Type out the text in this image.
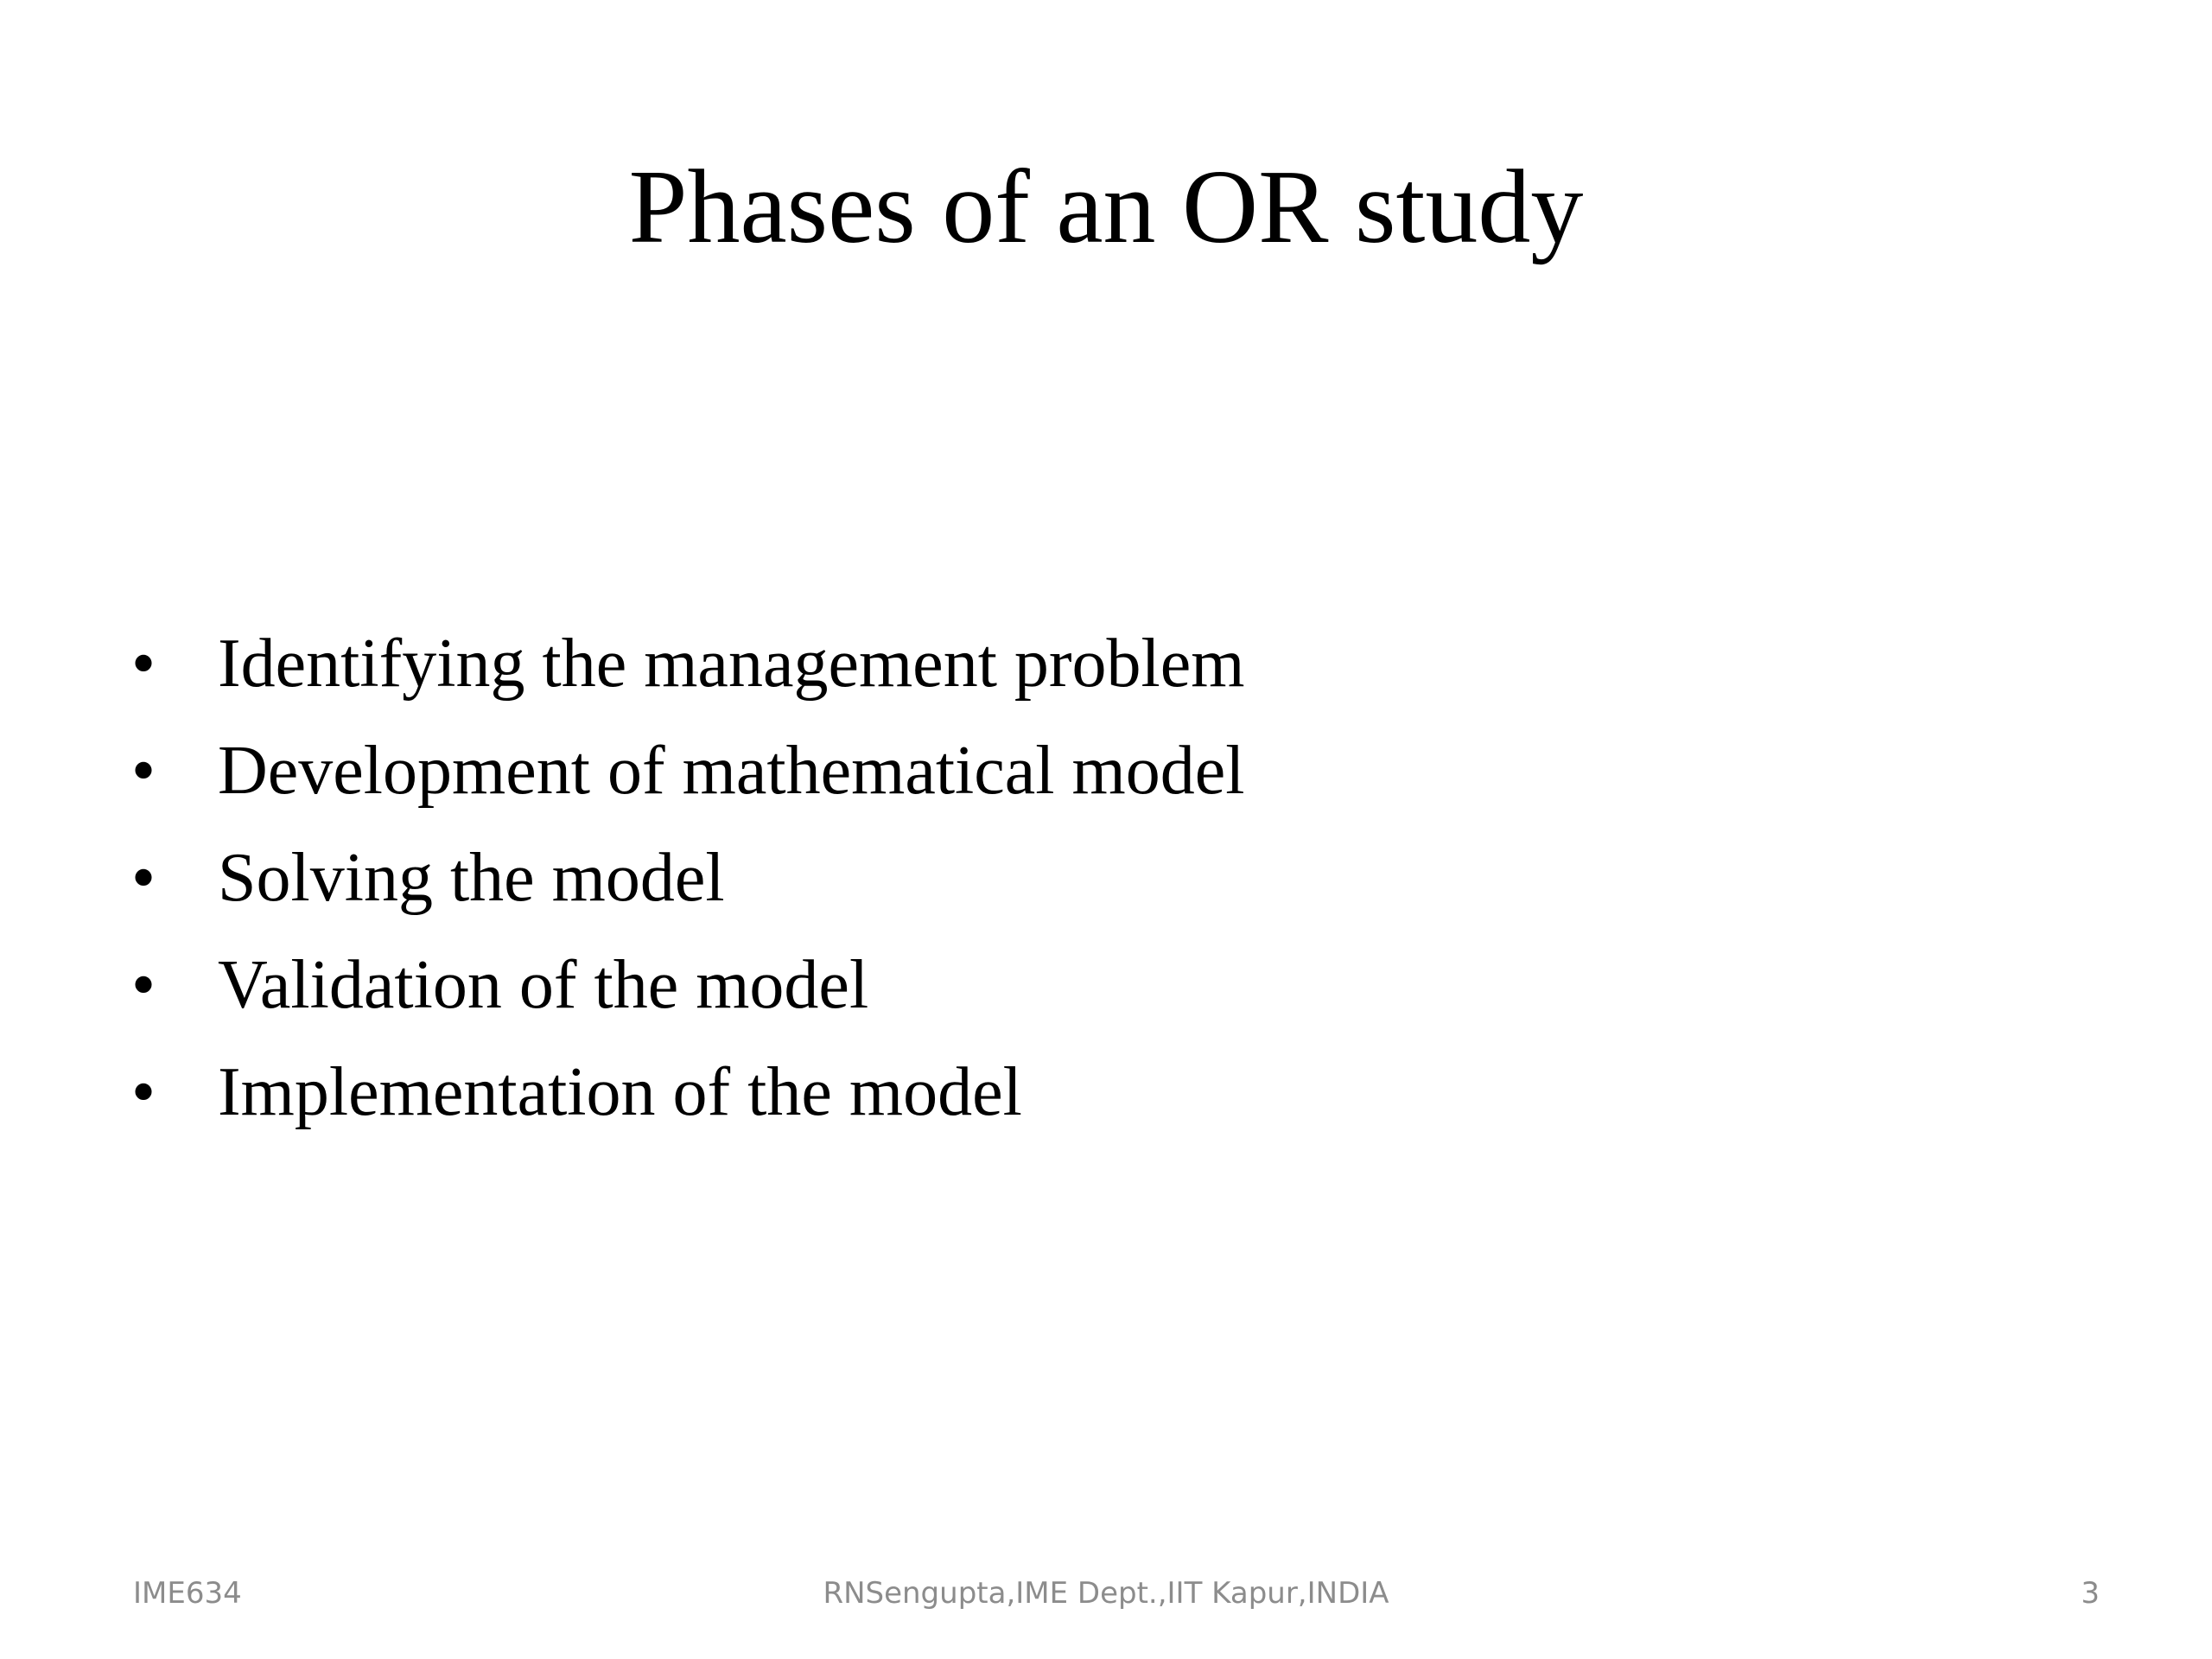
Phases of an OR study
• Identifying the management problem
• Development of mathematical model
• Solving the model
• Validation of the model
• Implementation of the model
IME634	RNSengupta,IME Dept.,IIT Kapur,INDIA	3
